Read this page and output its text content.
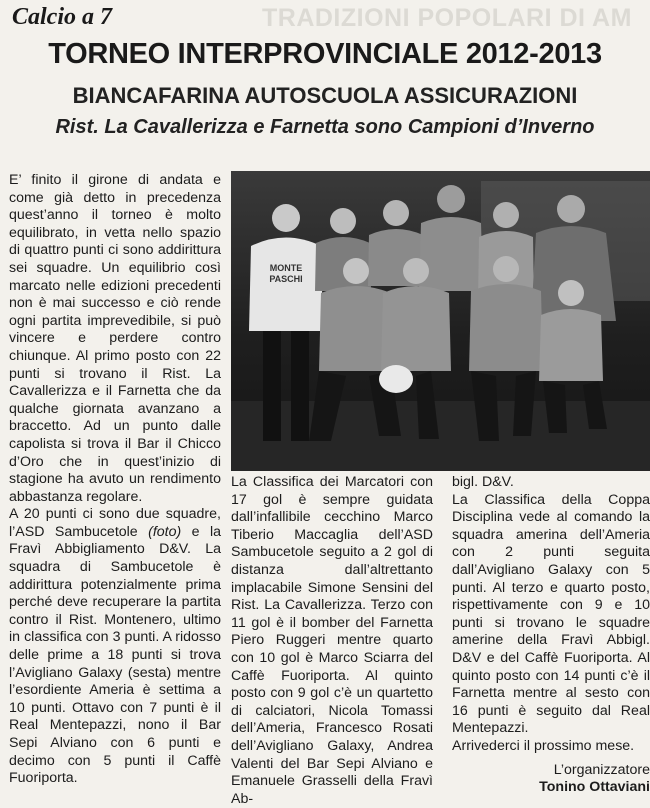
TRADIZIONI POPOLARI DI AM
Calcio a 7
TORNEO INTERPROVINCIALE 2012-2013
BIANCAFARINA AUTOSCUOLA ASSICURAZIONI
Rist. La Cavallerizza e Farnetta sono Campioni d’Inverno

E’ finito il girone di andata e come già detto in precedenza quest’anno il torneo è molto equilibrato, in vetta nello spazio di quattro punti ci sono addirittura sei squadre. Un equilibrio così marcato nelle edizioni precedenti non è mai successo e ciò rende ogni partita imprevedibile, si può vincere e perdere contro chiunque. Al primo posto con 22 punti si trovano il Rist. La Cavallerizza e il Farnetta che da qualche giornata avanzano a braccetto. Ad un punto dalle capolista si trova il Bar il Chicco d’Oro che in quest’inizio di stagione ha avuto un rendimento abbastanza regolare.

A 20 punti ci sono due squadre, l’ASD Sambucetole (foto) e la Fravì Abbigliamento D&V. La squadra di Sambucetole è addirittura potenzialmente prima perché deve recuperare la partita contro il Rist. Montenero, ultimo in classifica con 3 punti. A ridosso delle prime a 18 punti si trova l’Avigliano Galaxy (sesta) mentre l’esordiente Ameria è settima a 10 punti. Ottavo con 7 punti è il Real Mentepazzi, nono il Bar Sepi Alviano con 6 punti e decimo con 5 punti il Caffè Fuoriporta.

MONTE
PASCHI

La Classifica dei Marcatori con 17 gol è sempre guidata dall’infallibile cecchino Marco Tiberio Maccaglia dell’ASD Sambucetole seguito a 2 gol di distanza dall’altrettanto implacabile Simone Sensini del Rist. La Cavallerizza. Terzo con 11 gol è il bomber del Farnetta Piero Ruggeri mentre quarto con 10 gol è Marco Sciarra del Caffè Fuoriporta. Al quinto posto con 9 gol c’è un quartetto di calciatori, Nicola Tomassi dell’Ameria, Francesco Rosati dell’Avigliano Galaxy, Andrea Valenti del Bar Sepi Alviano e Emanuele Grasselli della Fravì Ab-

bigl. D&V.

La Classifica della Coppa Disciplina vede al comando la squadra amerina dell’Ameria con 2 punti seguita dall’Avigliano Galaxy con 5 punti. Al terzo e quarto posto, rispettivamente con 9 e 10 punti si trovano le squadre amerine della Fravì Abbigl. D&V e del Caffè Fuoriporta. Al quinto posto con 14 punti c’è il Farnetta mentre al sesto con 16 punti è seguito dal Real Mentepazzi.

Arrivederci il prossimo mese.

L’organizzatore
Tonino Ottaviani
